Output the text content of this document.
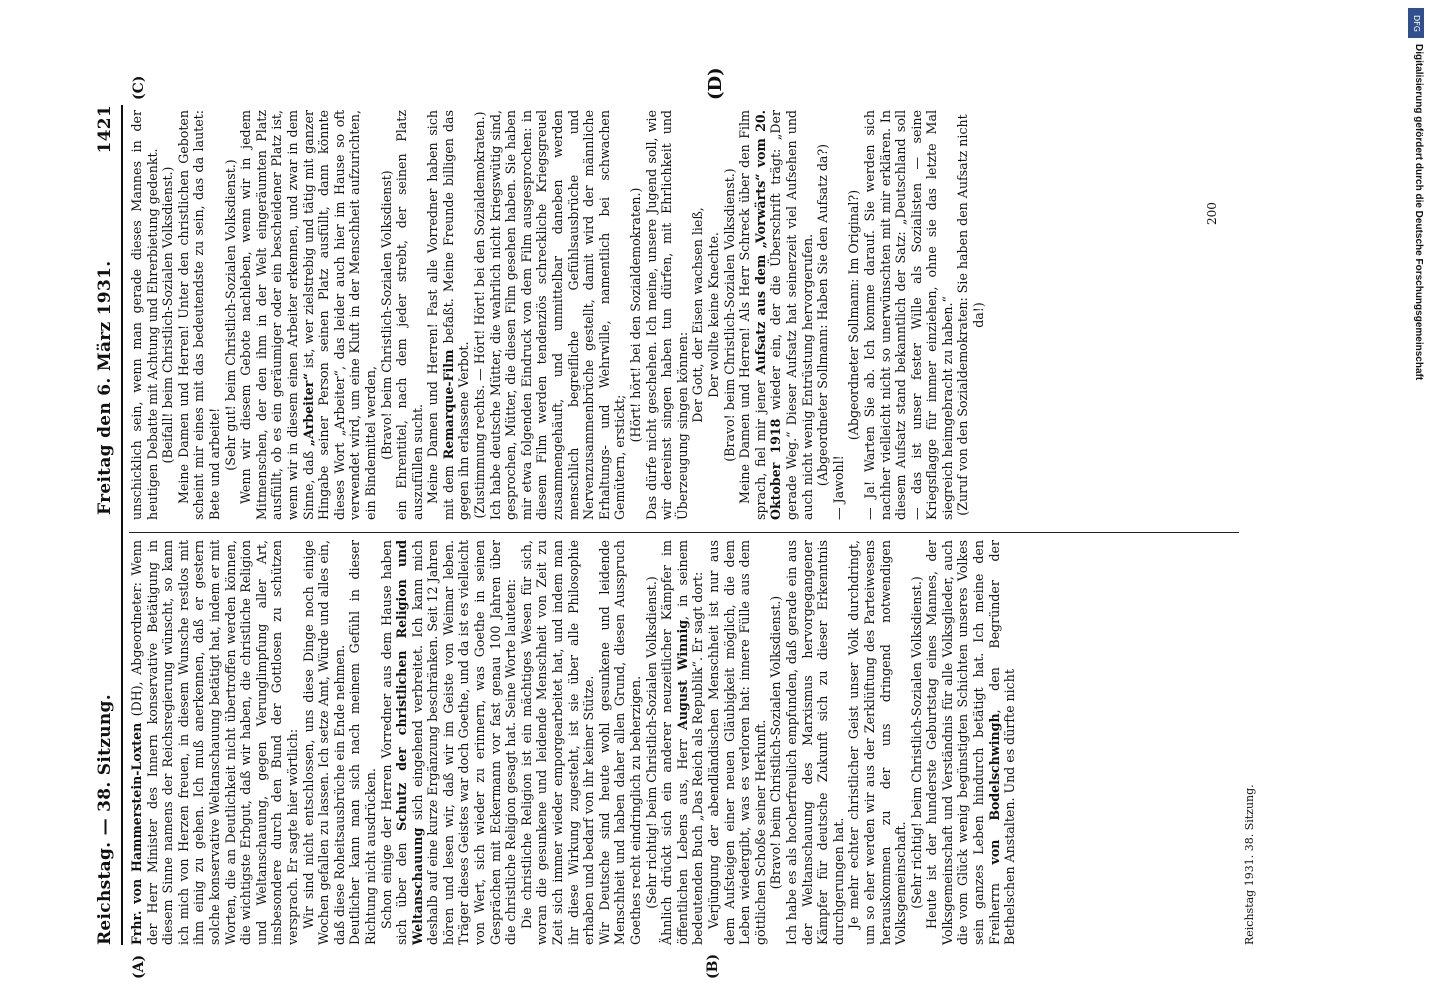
Reichstag. — 38. Sitzung.
Freitag den 6. März 1931.
1421
(A)	(B)
(C)	(D)

Frhr. von Hammerstein-Loxten (DH), Abgeordneter: Wenn der Herr Minister des Innern konservative Betätigung in diesem Sinne namens der Reichsregierung wünscht, so kann ich mich von Herzen freuen, in diesem Wunsche restlos mit ihm einig zu gehen. Ich muß anerkennen, daß er gestern solche konservative Weltanschauung betätigt hat, indem er mit Worten, die an Deutlichkeit nicht übertroffen werden können, die wichtigste Erbgut, daß wir haben, die christliche Religion und Weltanschauung, gegen Verunglimpfung aller Art, insbesondere durch den Bund der Gottlosen zu schützen versprach. Er sagte hier wörtlich: Wir sind nicht entschlossen, uns diese Dinge noch einige Wochen gefallen zu lassen. Ich setze Amt, Würde und alles ein, daß diese Roheitsausbrüche ein Ende nehmen. Deutlicher kann man sich nach meinem Gefühl in dieser Richtung nicht ausdrücken. Schon einige der Herren Vorredner aus dem Hause haben sich über den Schutz der christlichen Religion und Weltanschauung sich eingehend verbreitet. Ich kann mich deshalb auf eine kurze Ergänzung beschränken. Seit 12 Jahren hören und lesen wir, daß wir im Geiste von Weimar leben. Träger dieses Geistes war doch Goethe, und da ist es vielleicht von Wert, sich wieder zu erinnern, was Goethe in seinen Gesprächen mit Eckermann vor fast genau 100 Jahren über die christliche Religion gesagt hat. Seine Worte lauteten: Die christliche Religion ist ein mächtiges Wesen für sich, woran die gesunkene und leidende Menschheit von Zeit zu Zeit sich immer wieder emporgearbeitet hat, und indem man ihr diese Wirkung zugesteht, ist sie über alle Philosophie erhaben und bedarf von ihr keiner Stütze. Wir Deutsche sind heute wohl gesunkene und leidende Menschheit und haben daher allen Grund, diesen Ausspruch Goethes recht eindringlich zu beherzigen. (Sehr richtig! beim Christlich-Sozialen Volksdienst.) Ähnlich drückt sich ein anderer neuzeitlicher Kämpfer im öffentlichen Lebens aus, Herr August Winnig, in seinem bedeutenden Buch „Das Reich als Republik“. Er sagt dort: Verjüngung der abendländischen Menschheit ist nur aus dem Aufsteigen einer neuen Gläubigkeit möglich, die dem Leben wiedergibt, was es verloren hat: innere Fülle aus dem göttlichen Schoße seiner Herkunft. (Bravo! beim Christlich-Sozialen Volksdienst.) Ich habe es als hocherfreulich empfunden, daß gerade ein aus der Weltanschauung des Marxismus hervorgegangener Kämpfer für deutsche Zukunft sich zu dieser Erkenntnis durchgerungen hat. Je mehr echter christlicher Geist unser Volk durchdringt, um so eher werden wir aus der Zerklüftung des Parteiwesens herauskommen zu der uns dringend notwendigen Volksgemeinschaft. (Sehr richtig! beim Christlich-Sozialen Volksdienst.) Heute ist der hunderste Geburtstag eines Mannes, der Volksgemeinschaft und Verständnis für alle Volksglieder, auch die vom Glück wenig begünstigten Schichten unseres Volkes sein ganzes Leben hindurch betätigt hat. Ich meine den Freiherrn von Bodelschwingh, den Begründer der Bethelschen Anstalten. Und es dürfte nicht

unschicklich sein, wenn man gerade dieses Mannes in der heutigen Debatte mit Achtung und Ehrerbietung gedenkt. (Beifall! beim Christlich-Sozialen Volksdienst.) Meine Damen und Herren! Unter den christlichen Geboten scheint mir eines mit das bedeutendste zu sein, das da lautet: Bete und arbeite! (Sehr gut! beim Christlich-Sozialen Volksdienst.) Wenn wir diesem Gebote nachleben, wenn wir in jedem Mitmenschen, der den ihm in der Welt eingeräumten Platz ausfüllt, ob es ein geräumiger oder ein bescheidener Platz ist, wenn wir in diesem einen Arbeiter erkennen, und zwar in dem Sinne, daß „Arbeiter“ ist, wer zielstrebig und tätig mit ganzer Hingabe seiner Person seinen Platz ausfüllt, dann könnte dieses Wort „Arbeiter“, das leider auch hier im Hause so oft verwendet wird, um eine Kluft in der Menschheit aufzurichten, ein Bindemittel werden, (Bravo! beim Christlich-Sozialen Volksdienst) ein Ehrentitel, nach dem jeder strebt, der seinen Platz auszufüllen sucht. Meine Damen und Herren! Fast alle Vorredner haben sich mit dem Remarque-Film befaßt. Meine Freunde billigen das gegen ihn erlassene Verbot. (Zustimmung rechts. — Hört! Hört! bei den Sozialdemokraten.) Ich habe deutsche Mütter, die wahrlich nicht kriegswütig sind, gesprochen, Mütter, die diesen Film gesehen haben. Sie haben mir etwa folgenden Eindruck von dem Film ausgesprochen: in diesem Film werden tendenziös schreckliche Kriegsgreuel zusammengehäuft, und unmittelbar daneben werden menschlich begreifliche Gefühlsausbrüche und Nervenzusammenbrüche gestellt, damit wird der männliche Erhaltungs- und Wehrwille, namentlich bei schwachen Gemütern, erstickt;

(Hört! hört! bei den Sozialdemokraten.) Das dürfe nicht geschehen. Ich meine, unsere Jugend soll, wie wir dereinst singen haben tun dürfen, mit Ehrlichkeit und Überzeugung singen können:

Der Gott, der Eisen wachsen ließ,
Der wollte keine Knechte. (Bravo! beim Christlich-Sozialen Volksdienst.) Meine Damen und Herren! Als Herr Schreck über den Film sprach, fiel mir jener Aufsatz aus dem „Vorwärts“ vom 20. Oktober 1918 wieder ein, der die Überschrift trägt: „Der gerade Weg.“ Dieser Aufsatz hat seinerzeit viel Aufsehen und auch nicht wenig Entrüstung hervorgerufen. (Abgeordneter Sollmann: Haben Sie den Aufsatz da?)

— Jawohl!

(Abgeordneter Sollmann: Im Original?) — Ja! Warten Sie ab. Ich komme darauf. Sie werden sich nachher vielleicht nicht so unerwünschten mit mir erklären. In diesem Aufsatz stand bekanntlich der Satz: „Deutschland soll — das ist unser fester Wille als Sozialisten — seine Kriegsflagge für immer einziehen, ohne sie das letzte Mal siegreich heimgebracht zu haben.“ (Zuruf von den Sozialdemokraten: Sie haben den Aufsatz nicht da!)

200
Reichstag 1931. 38. Sitzung.
DFG
Digitalisierung gefördert durch die Deutsche Forschungsgemeinschaft
